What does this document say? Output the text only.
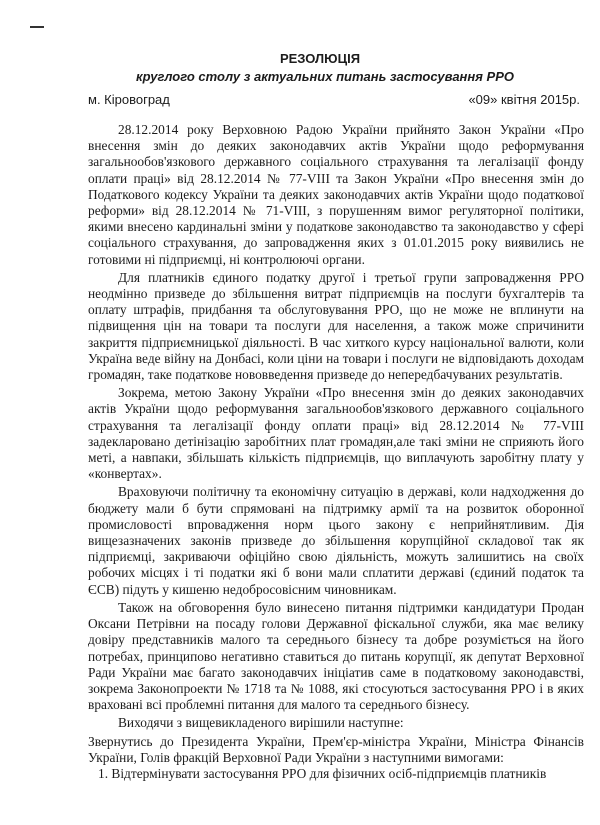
РЕЗОЛЮЦІЯ
круглого столу з актуальних питань застосування РРО
м. Кіровоград	«09» квітня 2015р.

28.12.2014 року Верховною Радою України прийнято Закон України «Про внесення змін до деяких законодавчих актів України щодо реформування загальнообов'язкового державного соціального страхування та легалізації фонду оплати праці» від 28.12.2014 № 77-VIII та Закон України «Про внесення змін до Податкового кодексу України та деяких законодавчих актів України щодо податкової реформи» від 28.12.2014 № 71-VIII, з порушенням вимог регуляторної політики, якими внесено кардинальні зміни у податкове законодавство та законодавство у сфері соціального страхування, до запровадження яких з 01.01.2015 року виявились не готовими ні підприємці, ні контролюючі органи.

Для платників єдиного податку другої і третьої групи запровадження РРО неодмінно призведе до збільшення витрат підприємців на послуги бухгалтерів та оплату штрафів, придбання та обслуговування РРО, що не може не вплинути на підвищення цін на товари та послуги для населення, а також може спричинити закриття підприємницької діяльності. В час хиткого курсу національної валюти, коли Україна веде війну на Донбасі, коли ціни на товари і послуги не відповідають доходам громадян, таке податкове нововведення призведе до непередбачуваних результатів.

Зокрема, метою Закону України «Про внесення змін до деяких законодавчих актів України щодо реформування загальнообов'язкового державного соціального страхування та легалізації фонду оплати праці» від 28.12.2014 № 77-VIII задекларовано детінізацію заробітних плат громадян,але такі зміни не сприяють його меті, а навпаки, збільшать кількість підприємців, що виплачують заробітну плату у «конвертах».

Враховуючи політичну та економічну ситуацію в державі, коли надходження до бюджету мали б бути спрямовані на підтримку армії та на розвиток оборонної промисловості впровадження норм цього закону є неприйнятливим. Дія вищезазначених законів призведе до збільшення корупційної складової так як підприємці, закриваючи офіційно свою діяльність, можуть залишитись на своїх робочих місцях і ті податки які б вони мали сплатити державі (єдиний податок та ЄСВ) підуть у кишеню недоброcовісним чиновникам.

Також на обговорення було винесено питання підтримки кандидатури Продан Оксани Петрівни на посаду голови Державної фіскальної служби, яка має велику довіру представників малого та середнього бізнесу та добре розуміється на його потребах, принципово негативно ставиться до питань корупції, як депутат Верховної Ради України має багато законодавчих ініціатив саме в податковому законодавстві, зокрема Законопроекти № 1718 та № 1088, які стосуються застосування РРО і в яких враховані всі проблемні питання для малого та середнього бізнесу.

Виходячи з вищевикладеного вирішили наступне:

Звернутись до Президента України, Прем'єр-міністра України, Міністра Фінансів України, Голів фракцій Верховної Ради України з наступними вимогами:

1. Відтермінувати застосування РРО для фізичних осіб-підприємців платників
